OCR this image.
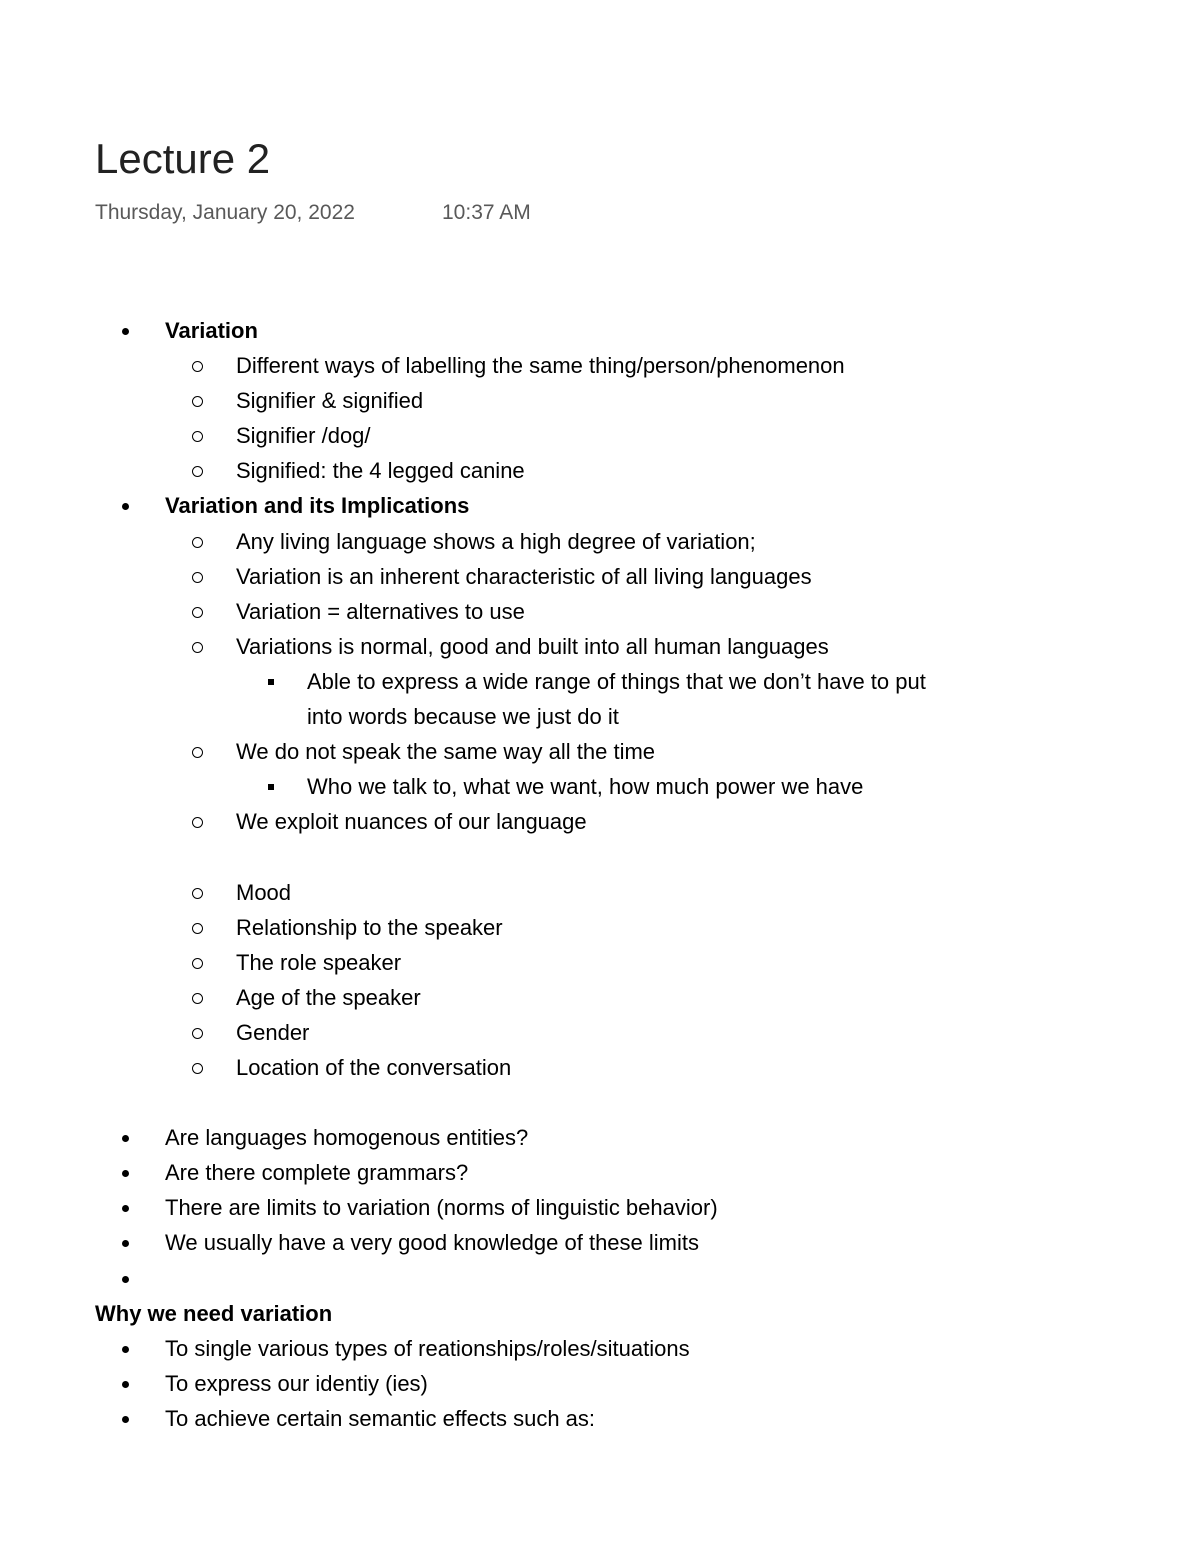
Lecture 2
Thursday, January 20, 2022	10:37 AM
Variation
Different ways of labelling the same thing/person/phenomenon
Signifier & signified
Signifier /dog/
Signified: the 4 legged canine
Variation and its Implications
Any living language shows a high degree of variation;
Variation is an inherent characteristic of all living languages
Variation = alternatives to use
Variations is normal, good and built into all human languages
Able to express a wide range of things that we don’t have to put
into words because we just do it
We do not speak the same way all the time
Who we talk to, what we want, how much power we have
We exploit nuances of our language
Mood
Relationship to the speaker
The role speaker
Age of the speaker
Gender
Location of the conversation
Are languages homogenous entities?
Are there complete grammars?
There are limits to variation (norms of linguistic behavior)
We usually have a very good knowledge of these limits
Why we need variation
To single various types of reationships/roles/situations
To express our identiy (ies)
To achieve certain semantic effects such as:
